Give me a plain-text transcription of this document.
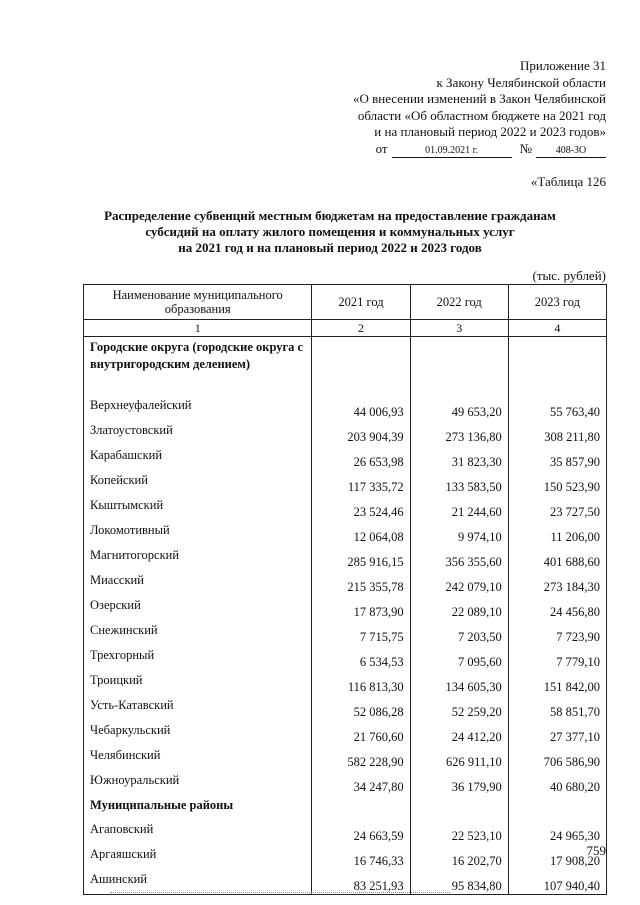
Приложение 31
к Закону Челябинской области
«О внесении изменений в Закон Челябинской
области «Об областном бюджете на 2021 год
и на плановый период 2022 и 2023 годов»
от	01.09.2021 г.	№ 408-ЗО
«Таблица 126
Распределение субвенций местным бюджетам на предоставление гражданам
субсидий на оплату жилого помещения и коммунальных услуг
на 2021 год и на плановый период 2022 и 2023 годов
(тыс. рублей)
Наименование муниципального образования	2021 год	2022 год	2023 год
1	2	3	4
Городские округа (городские округа с внутригородским делением)			
Верхнеуфалейский	44 006,93	49 653,20	55 763,40
Златоустовский	203 904,39	273 136,80	308 211,80
Карабашский	26 653,98	31 823,30	35 857,90
Копейский	117 335,72	133 583,50	150 523,90
Кыштымский	23 524,46	21 244,60	23 727,50
Локомотивный	12 064,08	9 974,10	11 206,00
Магнитогорский	285 916,15	356 355,60	401 688,60
Миасский	215 355,78	242 079,10	273 184,30
Озерский	17 873,90	22 089,10	24 456,80
Снежинский	7 715,75	7 203,50	7 723,90
Трехгорный	6 534,53	7 095,60	7 779,10
Троицкий	116 813,30	134 605,30	151 842,00
Усть-Катавский	52 086,28	52 259,20	58 851,70
Чебаркульский	21 760,60	24 412,20	27 377,10
Челябинский	582 228,90	626 911,10	706 586,90
Южноуральский	34 247,80	36 179,90	40 680,20
Муниципальные районы			
Агаповский	24 663,59	22 523,10	24 965,30
Аргаяшский	16 746,33	16 202,70	17 908,20
Ашинский	83 251,93	95 834,80	107 940,40
759
